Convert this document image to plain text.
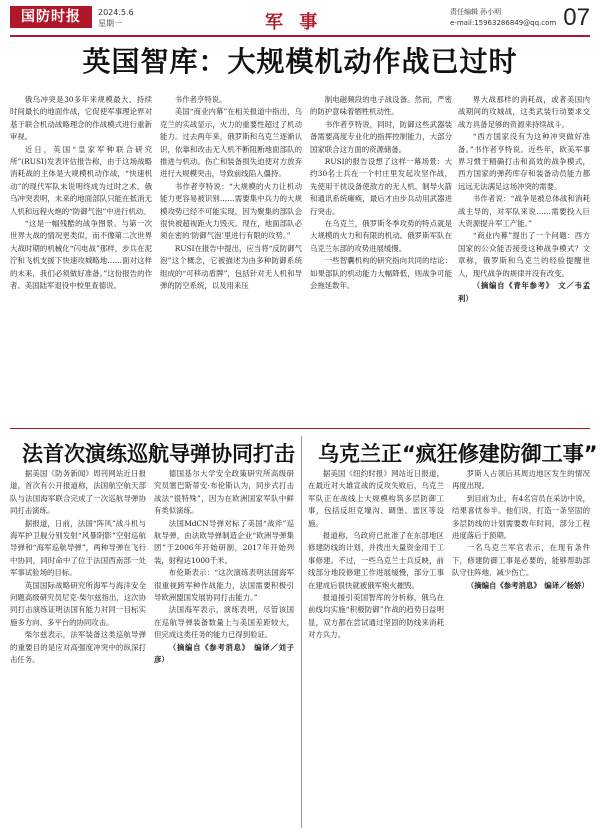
国防时报	2024.5.6
星期一	军 事	责任编辑 孙小明
e-mail:15963286849@qq.com 07
英国智库：大规模机动作战已过时

俄乌冲突是30多年来规模最大、持续时间最长的地面作战，它促使军事理论界对基于联合机动战略理念的作战模式进行重新审视。

近日，英国“皇家军种联合研究所”(RUSI)发表评估报告称，由于这场战略消耗战的主体是大规模机动作战，“快速机动”的现代军队未说明终成为过时之术，俄乌冲突表明，未来的地面部队只能在抵消无人机和远程火炮的“防御气泡”中进行机动。

“这是一幅残酷的战争图景。与第一次世界大战的情况更类似，而不像第二次世界大战时期的机械化“闪电战”那样，步兵在泥泞和飞机支援下快速攻城略地……面对这样的未来，我们必须做好准备。”这份报告的作者、美国陆军退役中校里查德说。

书作者亨特说。

美国“商业内幕”在相关报道中指出，乌克兰的实战显示，火力的重要性超过了机动能力。过去两年来，俄罗斯和乌克兰逐渐认识，依靠和改击无人机不断阻断地面部队的推进与机动。伤亡和装备损失迫使对方放弃进行大规模突击，导致前线陷入僵持。

书作者亨特说：“大规模的火力让机动能力更容易被识别……需要集中兵力的大规模攻势已经不可能实现，因为聚集的部队会很快被超视距火力毁灭。现在，地面部队必须在密的‘防御气泡’里进行有限的攻势。”

RUSI在报告中提出，应当将“反防御气泡”这个概念，它被描述为由多种防御系统组成的“可移动盾牌”，包括针对无人机和导弹的防空系统，以及用来压

制电磁频段的电子战设备。然而，严密的防护意味着牺牲机动性。

书作者亨特说，同时，防御这些武器装备需要高度专业化的指挥控制能力，大部分国家联合这方面的资源储备。

RUSI的报告设想了这样一幕场景：大约30名士兵在一个村庄里发起攻坚作战，先使用干扰设备使敌方的无人机、制导火箭和通讯系统瘫痪，最后才由步兵动用武器进行突击。

在乌克兰，俄罗斯冬季攻势的特点就是大规模的火力和有限的机动。俄罗斯军队在乌克兰东部的攻势进展缓慢。

一些智囊机构的研究指向共同的结论：如果部队的机动能力大幅降低，则战争可能会拖延数年。

界大战那样的消耗战，或者美国内战期间的攻城战，这类武装行动要求交战方具备足够的资源来持续战斗。

“西方国家没有为这种冲突做好准备。”书作者亨特说。近些年，欧美军事界习惯于精确打击和高效的战争模式，西方国家的弹药库存和装备动员能力都远远无法满足这场冲突的需要。

书作者说：“战争是被总体战和消耗战主导的，对军队来说……需要投入巨大资源提升军工产能。”

“商业内幕”提出了一个问题：西方国家的公众能否接受这种战争模式？文章称，俄罗斯和乌克兰的经验提醒世人，现代战争的规律并没有改变。

（摘编自《青年参考》　文／韦孟利）

法首次演练巡航导弹协同打击 乌克兰正“疯狂修建防御工事”

据美国《防务新闻》周刊网站近日报道，首次有公开报道称，法国航空航天部队与法国海军联合完成了一次巡航导弹协同打击演练。

据报道，日前，法国“阵风”战斗机与海军护卫舰分别发射“风暴阴影”空射巡航导弹和“海军巡航导弹”，两种导弹在飞行中协同，同时命中了位于法国西南部一处军事试验场的目标。

英国国际战略研究所海军与海洋安全问题高级研究员尼克·柴尔兹指出，这次协同打击演练证明法国有能力对同一目标实施多方向、多平台的协同攻击。

柴尔兹表示，法军装备这类巡航导弹的重要目的是应对高强度冲突中的纵深打击任务。

德国基尔大学安全政策研究所高级研究员塞巴斯蒂安·布伦斯认为，同步式打击战法“很特殊”，因为在欧洲国家军队中鲜有类似演练。

法国MdCN导弹对标了美国“战斧”巡航导弹，由法欧导弹制造企业“欧洲导弹集团”于2006年开始研制，2017年开始列装，射程达1000千米。

布伦斯表示：“这次演练表明法国海军很重视跨军种作战能力，法国需要积极引导欧洲盟国发展协同打击能力。”

法国海军表示，演练表明，尽管该国在巡航导弹装备数量上与美国差距较大，但完成这类任务的能力已得到验证。

（摘编自《参考消息》　编译／刘子彦）

据美国《纽约时报》网站近日报道，在最近对大雄宣战的反攻失败后，乌克兰军队正在战线上大规模构筑多层防御工事，包括反坦克壕沟、碉堡、雷区等设施。

报道称，乌政府已批准了在东部地区修建防线的计划，并拨出大量资金用于工事修建。不过，一些乌克兰士兵反映，前线部分地段修建工作进展缓慢，部分工事在建成后很快就被俄军炮火摧毁。

报道援引美国智库的分析称，俄乌在前线均实施“积极防御”作战的趋势日益明显，双方都在尝试通过坚固的防线来消耗对方兵力。

罗斯人占领后其周边地区发生的情况再度出现。

到目前为止，有4名官员在采访中说，结果喜忧参半。他们说，打造一条坚固的多层防线的计划需要数年时间，部分工程进度落后于预期。

一名乌克兰军官表示，在现有条件下，修建防御工事是必要的，能够帮助部队守住阵地、减少伤亡。

（摘编自《参考消息》　编译／杨娇）
